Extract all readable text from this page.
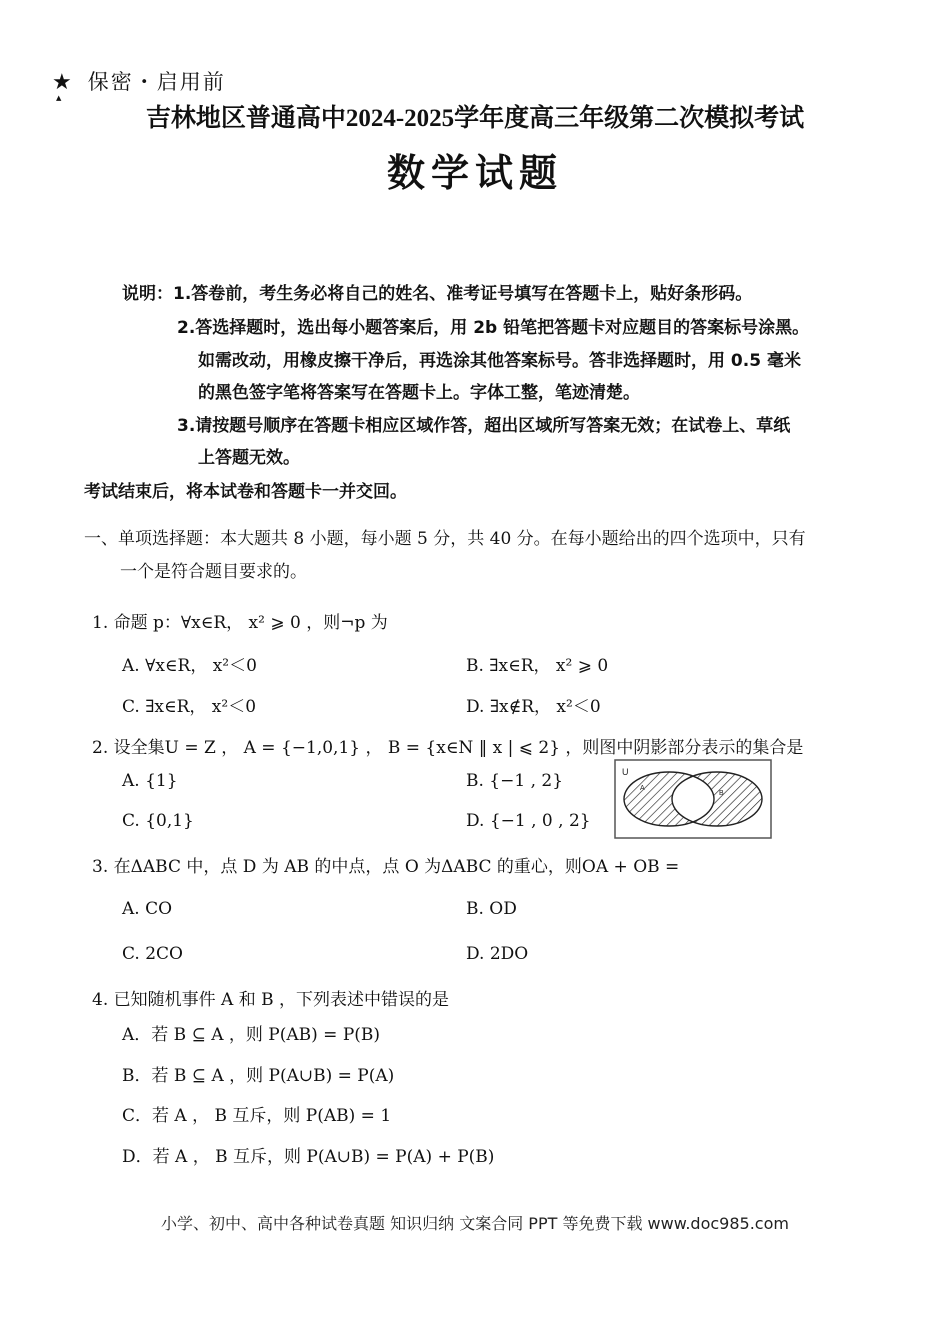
★ 保密・启用前
▲
吉林地区普通高中2024-2025学年度高三年级第二次模拟考试
数学试题
说明：1.答卷前，考生务必将自己的姓名、准考证号填写在答题卡上，贴好条形码。
2.答选择题时，选出每小题答案后，用 2b 铅笔把答题卡对应题目的答案标号涂黑。
如需改动，用橡皮擦干净后，再选涂其他答案标号。答非选择题时，用 0.5 毫米
的黑色签字笔将答案写在答题卡上。字体工整，笔迹清楚。
3.请按题号顺序在答题卡相应区域作答，超出区域所写答案无效；在试卷上、草纸
上答题无效。
考试结束后，将本试卷和答题卡一并交回。
一、单项选择题：本大题共 8 小题，每小题 5 分，共 40 分。在每小题给出的四个选项中，只有
一个是符合题目要求的。
1. 命题 p：∀x∈R， x² ⩾ 0 ，则¬p 为
A. ∀x∈R， x²＜0	B. ∃x∈R， x² ⩾ 0
C. ∃x∈R， x²＜0	D. ∃x∉R， x²＜0
2. 设全集U = Z ， A = {−1,0,1} ， B = {x∈N ‖ x | ⩽ 2} ，则图中阴影部分表示的集合是
A. {1}	B. {−1 , 2}
C. {0,1}	D. {−1 , 0 , 2}
U
A
B
3. 在ΔABC 中，点 D 为 AB 的中点，点 O 为ΔABC 的重心，则OA + OB =
A. CO	B. OD
C. 2CO	D. 2DO
4. 已知随机事件 A 和 B ，下列表述中错误的是
A．若 B ⊆ A ，则 P(AB) = P(B)
B．若 B ⊆ A ，则 P(A∪B) = P(A)
C．若 A ， B 互斥，则 P(AB) = 1
D．若 A ， B 互斥，则 P(A∪B) = P(A) + P(B)
小学、初中、高中各种试卷真题 知识归纳 文案合同 PPT 等免费下载 www.doc985.com
